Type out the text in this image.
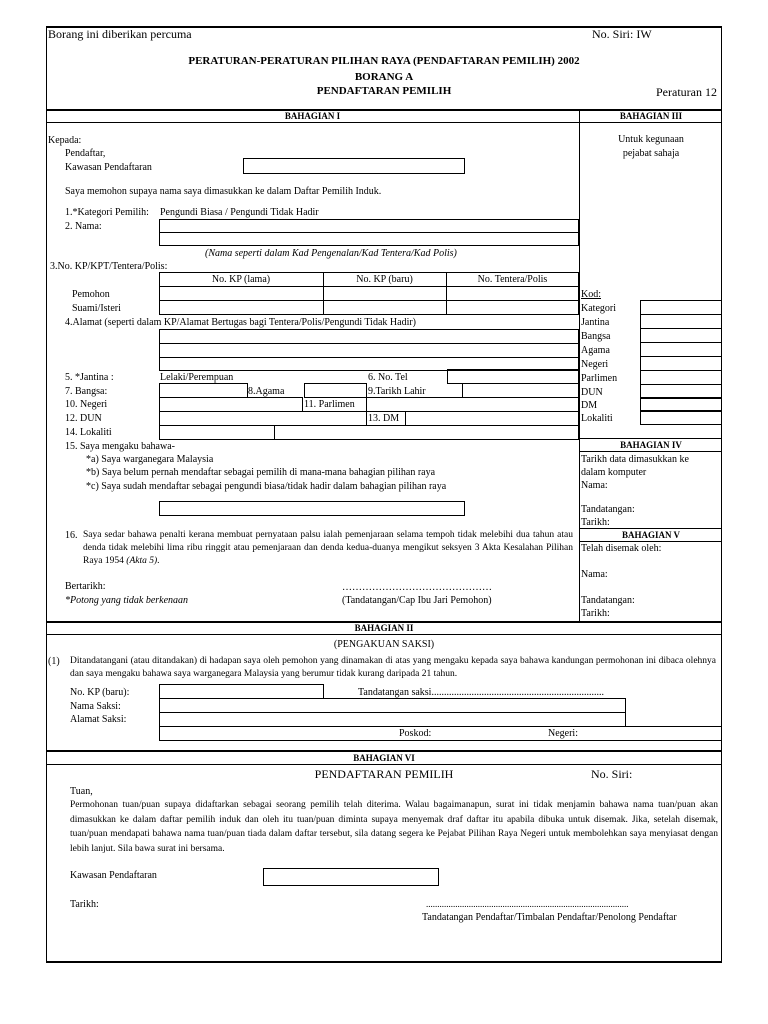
Borang ini diberikan percuma	No. Siri: IW
PERATURAN-PERATURAN PILIHAN RAYA (PENDAFTARAN PEMILIH) 2002
BORANG A
PENDAFTARAN PEMILIH	Peraturan 12
BAHAGIAN I	BAHAGIAN III
Kepada:
Pendaftar,
Kawasan Pendaftaran
Saya memohon supaya nama saya dimasukkan ke dalam Daftar Pemilih Induk.
1.*Kategori Pemilih: Pengundi Biasa / Pengundi Tidak Hadir
2. Nama:
(Nama seperti dalam Kad Pengenalan/Kad Tentera/Kad Polis)
3.No. KP/KPT/Tentera/Polis:
No. KP (lama)	No. KP (baru)	No. Tentera/Polis
Pemohon
Suami/Isteri
4.Alamat (seperti dalam KP/Alamat Bertugas bagi Tentera/Polis/Pengundi Tidak Hadir)
5. *Jantina :	Lelaki/Perempuan	6. No. Tel
7. Bangsa:	8.Agama	9.Tarikh Lahir
10. Negeri	11. Parlimen
12. DUN	13. DM
14. Lokaliti
15. Saya mengaku bahawa-
*a) Saya warganegara Malaysia
*b) Saya belum pernah mendaftar sebagai pemilih di mana-mana bahagian pilihan raya
*c) Saya sudah mendaftar sebagai pengundi biasa/tidak hadir dalam bahagian pilihan raya
16. Saya sedar bahawa penalti kerana membuat pernyataan palsu ialah pemenjaraan selama tempoh tidak melebihi dua tahun atau denda tidak melebihi lima ribu ringgit atau pemenjaraan dan denda kedua-duanya mengikut seksyen 3 Akta Kesalahan Pilihan Raya 1954 (Akta 5).
Bertarikh:
*Potong yang tidak berkenaan
………………………………………
(Tandatangan/Cap Ibu Jari Pemohon)
Untuk kegunaan
pejabat sahaja
Kod:
Kategori
Jantina
Bangsa
Agama
Negeri
Parlimen
DUN
DM
Lokaliti
BAHAGIAN IV
Tarikh data dimasukkan ke
dalam komputer
Nama:
Tandatangan:
Tarikh:
BAHAGIAN V
Telah disemak oleh:
Nama:
Tandatangan:
Tarikh:
BAHAGIAN II
(PENGAKUAN SAKSI)
(1) Ditandatangani (atau ditandakan) di hadapan saya oleh pemohon yang dinamakan di atas yang mengaku kepada saya bahawa kandungan permohonan ini dibaca olehnya dan saya mengaku bahawa saya warganegara Malaysia yang berumur tidak kurang daripada 21 tahun.
No. KP (baru):	Tandatangan saksi.....................................................................
Nama Saksi:
Alamat Saksi:
Poskod:	Negeri:
BAHAGIAN VI
PENDAFTARAN PEMILIH	No. Siri:
Tuan,
Permohonan tuan/puan supaya didaftarkan sebagai seorang pemilih telah diterima. Walau bagaimanapun, surat ini tidak menjamin bahawa nama tuan/puan akan dimasukkan ke dalam daftar pemilih induk dan oleh itu tuan/puan diminta supaya menyemak draf daftar itu apabila dibuka untuk disemak. Jika, setelah disemak, tuan/puan mendapati bahawa nama tuan/puan tiada dalam daftar tersebut, sila datang segera ke Pejabat Pilihan Raya Negeri untuk membolehkan saya menyiasat dengan lebih lanjut. Sila bawa surat ini bersama.
Kawasan Pendaftaran
Tarikh:	..........................................................................................
Tandatangan Pendaftar/Timbalan Pendaftar/Penolong Pendaftar
